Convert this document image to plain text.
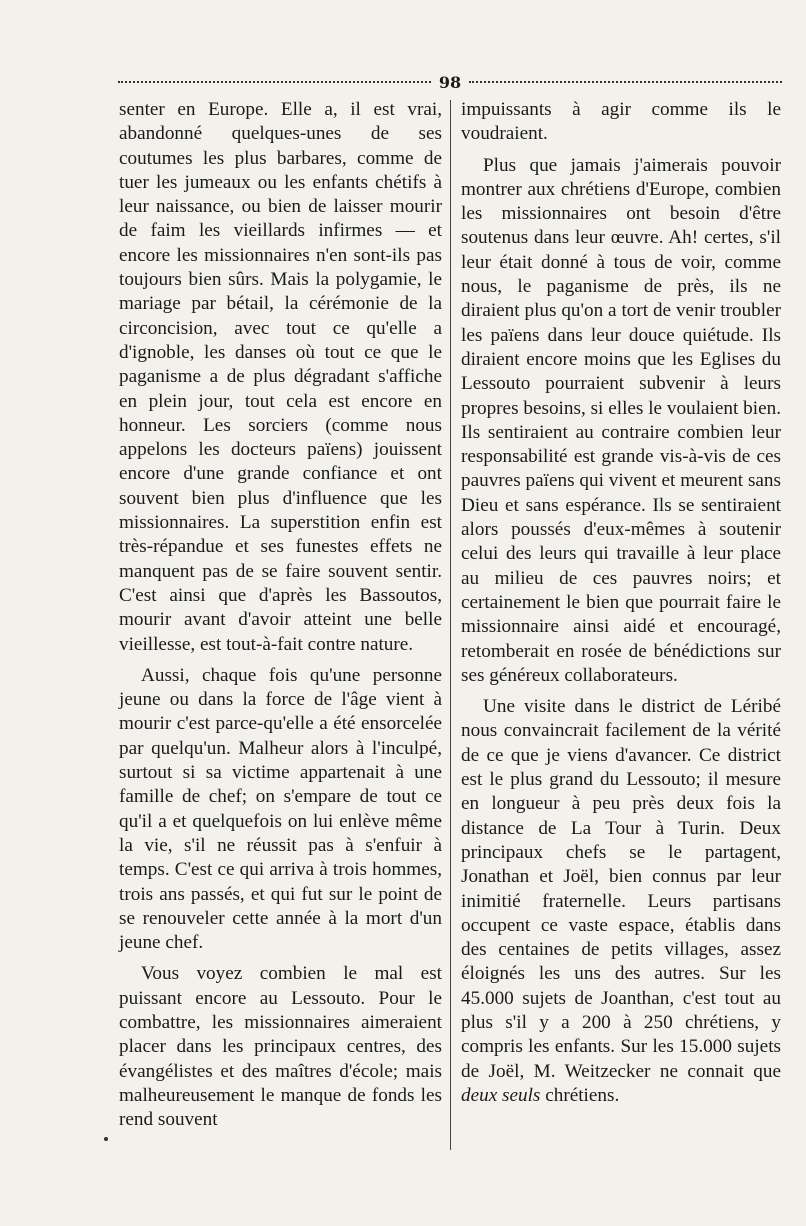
98

senter en Europe. Elle a, il est vrai, abandonné quelques-unes de ses coutumes les plus barbares, comme de tuer les jumeaux ou les enfants chétifs à leur naissance, ou bien de laisser mourir de faim les vieillards infirmes — et encore les missionnaires n'en sont-ils pas toujours bien sûrs. Mais la polygamie, le mariage par bétail, la cérémonie de la circoncision, avec tout ce qu'elle a d'ignoble, les danses où tout ce que le paganisme a de plus dégradant s'affiche en plein jour, tout cela est encore en honneur. Les sorciers (comme nous appelons les docteurs païens) jouissent encore d'une grande confiance et ont souvent bien plus d'influence que les missionnaires. La superstition enfin est très-répandue et ses funestes effets ne manquent pas de se faire souvent sentir. C'est ainsi que d'après les Bassoutos, mourir avant d'avoir atteint une belle vieillesse, est tout-à-fait contre nature.

Aussi, chaque fois qu'une personne jeune ou dans la force de l'âge vient à mourir c'est parce-qu'elle a été ensorcelée par quelqu'un. Malheur alors à l'inculpé, surtout si sa victime appartenait à une famille de chef; on s'empare de tout ce qu'il a et quelquefois on lui enlève même la vie, s'il ne réussit pas à s'enfuir à temps. C'est ce qui arriva à trois hommes, trois ans passés, et qui fut sur le point de se renouveler cette année à la mort d'un jeune chef.

Vous voyez combien le mal est puissant encore au Lessouto. Pour le combattre, les missionnaires aimeraient placer dans les principaux centres, des évangélistes et des maîtres d'école; mais malheureusement le manque de fonds les rend souvent

impuissants à agir comme ils le voudraient.

Plus que jamais j'aimerais pouvoir montrer aux chrétiens d'Europe, combien les missionnaires ont besoin d'être soutenus dans leur œuvre. Ah! certes, s'il leur était donné à tous de voir, comme nous, le paganisme de près, ils ne diraient plus qu'on a tort de venir troubler les païens dans leur douce quiétude. Ils diraient encore moins que les Eglises du Lessouto pourraient subvenir à leurs propres besoins, si elles le voulaient bien. Ils sentiraient au contraire combien leur responsabilité est grande vis-à-vis de ces pauvres païens qui vivent et meurent sans Dieu et sans espérance. Ils se sentiraient alors poussés d'eux-mêmes à soutenir celui des leurs qui travaille à leur place au milieu de ces pauvres noirs; et certainement le bien que pourrait faire le missionnaire ainsi aidé et encouragé, retomberait en rosée de bénédictions sur ses généreux collaborateurs.

Une visite dans le district de Léribé nous convaincrait facilement de la vérité de ce que je viens d'avancer. Ce district est le plus grand du Lessouto; il mesure en longueur à peu près deux fois la distance de La Tour à Turin. Deux principaux chefs se le partagent, Jonathan et Joël, bien connus par leur inimitié fraternelle. Leurs partisans occupent ce vaste espace, établis dans des centaines de petits villages, assez éloignés les uns des autres. Sur les 45.000 sujets de Joanthan, c'est tout au plus s'il y a 200 à 250 chrétiens, y compris les enfants. Sur les 15.000 sujets de Joël, M. Weitzecker ne connait que deux seuls chrétiens.
